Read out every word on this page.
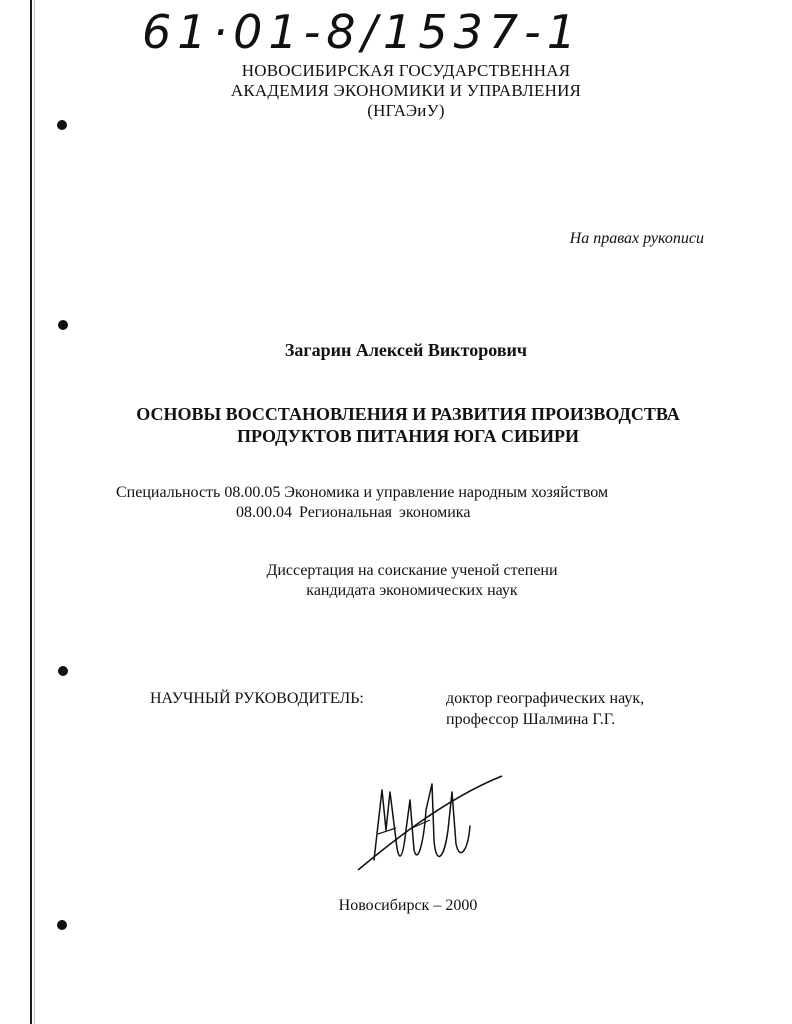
61·01-8/1537-1
НОВОСИБИРСКАЯ ГОСУДАРСТВЕННАЯ
АКАДЕМИЯ ЭКОНОМИКИ И УПРАВЛЕНИЯ
(НГАЭиУ)
На правах рукописи
Загарин Алексей Викторович
ОСНОВЫ ВОССТАНОВЛЕНИЯ И РАЗВИТИЯ ПРОИЗВОДСТВА
ПРОДУКТОВ ПИТАНИЯ ЮГА СИБИРИ
Специальность 08.00.05 Экономика и управление народным хозяйством
08.00.04 Региональная экономика
Диссертация на соискание ученой степени
кандидата экономических наук
НАУЧНЫЙ РУКОВОДИТЕЛЬ:	доктор географических наук,
профессор Шалмина Г.Г.
Новосибирск – 2000
